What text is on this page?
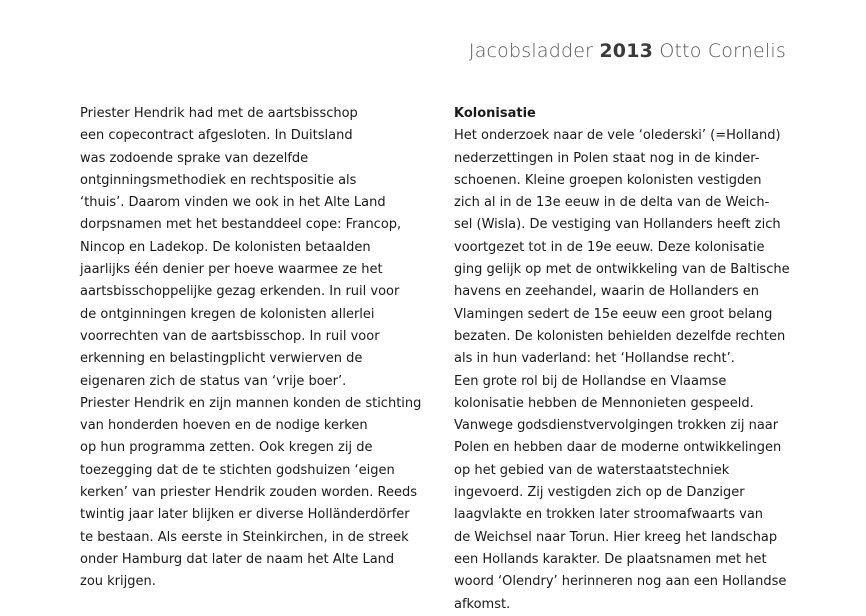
Jacobsladder 2013 Otto Cornelis
Priester Hendrik had met de aartsbisschop
een copecontract afgesloten. In Duitsland
was zodoende sprake van dezelfde
ontginningsmethodiek en rechtspositie als
‘thuis’. Daarom vinden we ook in het Alte Land
dorpsnamen met het bestanddeel cope: Francop,
Nincop en Ladekop. De kolonisten betaalden
jaarlijks één denier per hoeve waarmee ze het
aartsbisschoppelijke gezag erkenden. In ruil voor
de ontginningen kregen de kolonisten allerlei
voorrechten van de aartsbisschop. In ruil voor
erkenning en belastingplicht verwierven de
eigenaren zich de status van ‘vrije boer’.
Priester Hendrik en zijn mannen konden de stichting
van honderden hoeven en de nodige kerken
op hun programma zetten. Ook kregen zij de
toezegging dat de te stichten godshuizen ‘eigen
kerken’ van priester Hendrik zouden worden. Reeds
twintig jaar later blijken er diverse Holländerdörfer
te bestaan. Als eerste in Steinkirchen, in de streek
onder Hamburg dat later de naam het Alte Land
zou krijgen.
Kolonisatie
Het onderzoek naar de vele ‘olederski’ (=Holland)
nederzettingen in Polen staat nog in de kinder-
schoenen. Kleine groepen kolonisten vestigden
zich al in de 13e eeuw in de delta van de Weich-
sel (Wisla). De vestiging van Hollanders heeft zich
voortgezet tot in de 19e eeuw. Deze kolonisatie
ging gelijk op met de ontwikkeling van de Baltische
havens en zeehandel, waarin de Hollanders en
Vlamingen sedert de 15e eeuw een groot belang
bezaten. De kolonisten behielden dezelfde rechten
als in hun vaderland: het ‘Hollandse recht’.
Een grote rol bij de Hollandse en Vlaamse
kolonisatie hebben de Mennonieten gespeeld.
Vanwege godsdienstvervolgingen trokken zij naar
Polen en hebben daar de moderne ontwikkelingen
op het gebied van de waterstaatstechniek
ingevoerd. Zij vestigden zich op de Danziger
laagvlakte en trokken later stroomafwaarts van
de Weichsel naar Torun. Hier kreeg het landschap
een Hollands karakter. De plaatsnamen met het
woord ‘Olendry’ herinneren nog aan een Hollandse
afkomst.
